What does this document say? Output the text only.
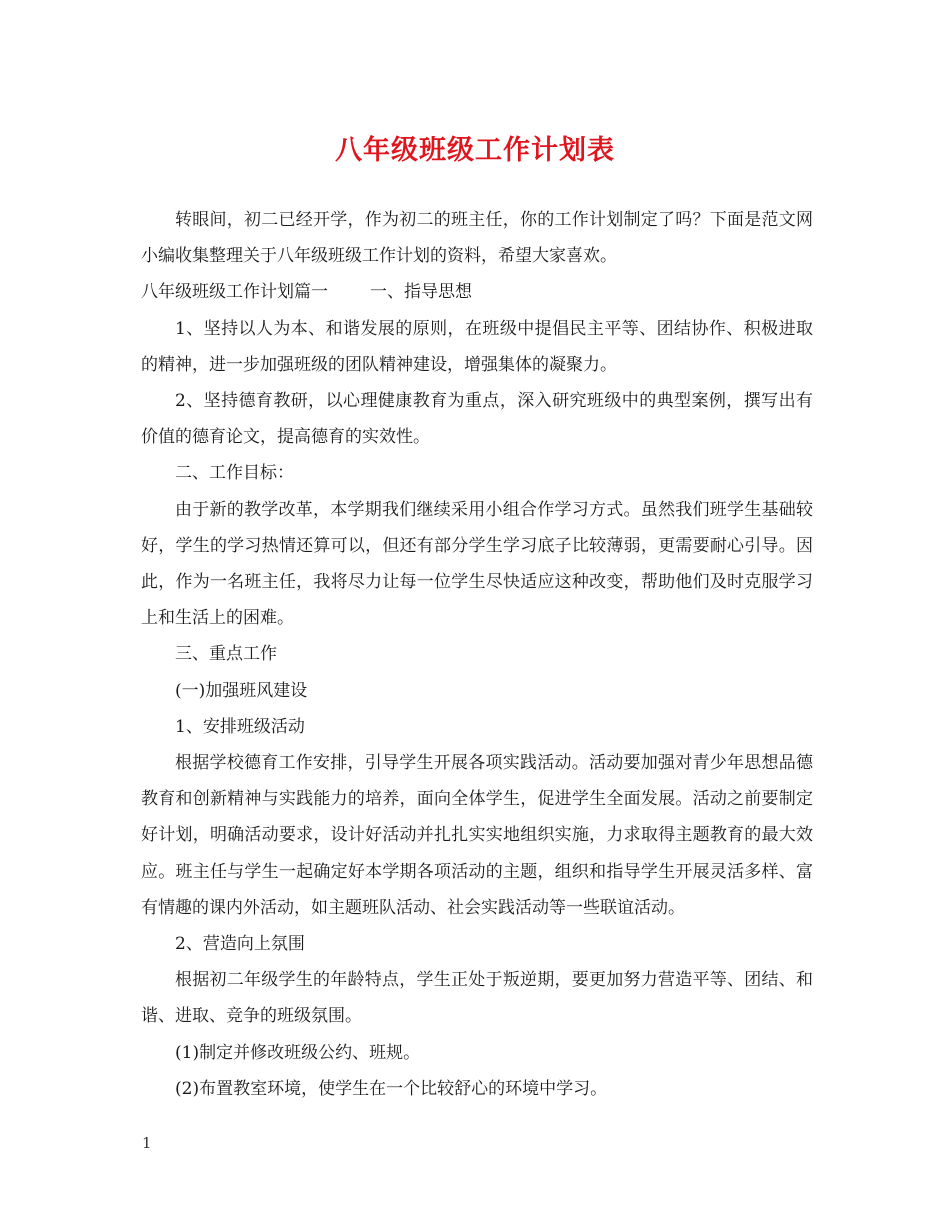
八年级班级工作计划表

转眼间，初二已经开学，作为初二的班主任，你的工作计划制定了吗？下面是范文网小编收集整理关于八年级班级工作计划的资料，希望大家喜欢。

八年级班级工作计划篇一 一、指导思想

1、坚持以人为本、和谐发展的原则，在班级中提倡民主平等、团结协作、积极进取的精神，进一步加强班级的团队精神建设，增强集体的凝聚力。

2、坚持德育教研，以心理健康教育为重点，深入研究班级中的典型案例，撰写出有价值的德育论文，提高德育的实效性。

二、工作目标：

由于新的教学改革，本学期我们继续采用小组合作学习方式。虽然我们班学生基础较好，学生的学习热情还算可以，但还有部分学生学习底子比较薄弱，更需要耐心引导。因此，作为一名班主任，我将尽力让每一位学生尽快适应这种改变，帮助他们及时克服学习上和生活上的困难。

三、重点工作

(一)加强班风建设

1、安排班级活动

根据学校德育工作安排，引导学生开展各项实践活动。活动要加强对青少年思想品德教育和创新精神与实践能力的培养，面向全体学生，促进学生全面发展。活动之前要制定好计划，明确活动要求，设计好活动并扎扎实实地组织实施，力求取得主题教育的最大效应。班主任与学生一起确定好本学期各项活动的主题，组织和指导学生开展灵活多样、富有情趣的课内外活动，如主题班队活动、社会实践活动等一些联谊活动。

2、营造向上氛围

根据初二年级学生的年龄特点，学生正处于叛逆期，要更加努力营造平等、团结、和谐、进取、竞争的班级氛围。

(1)制定并修改班级公约、班规。

(2)布置教室环境，使学生在一个比较舒心的环境中学习。

1
